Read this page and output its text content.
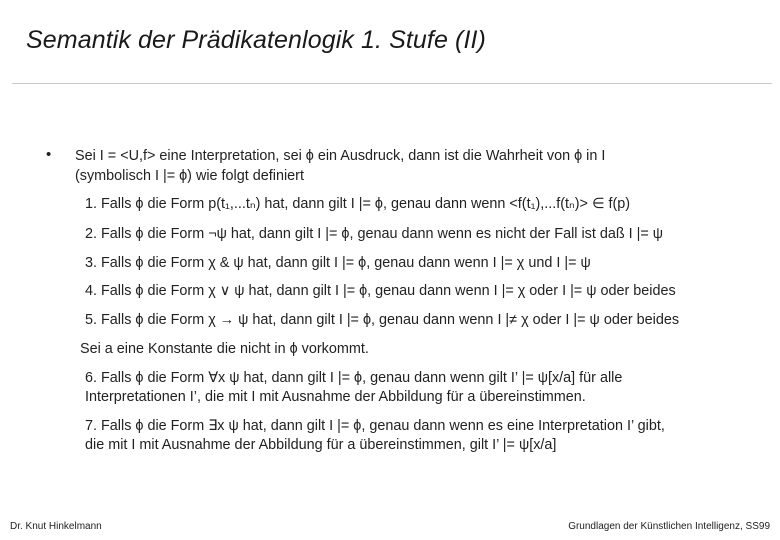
Semantik der Prädikatenlogik 1. Stufe (II)
• Sei I = <U,f> eine Interpretation, sei ϕ ein Ausdruck, dann ist die Wahrheit von ϕ in I
(symbolisch I |= ϕ) wie folgt definiert
1. Falls ϕ die Form p(t₁,...tₙ) hat, dann gilt I |= ϕ, genau dann wenn <f(t₁),...f(tₙ)> ∈ f(p)
2. Falls ϕ die Form ¬ψ hat, dann gilt I |= ϕ, genau dann wenn es nicht der Fall ist daß I |= ψ
3. Falls ϕ die Form χ & ψ hat, dann gilt I |= ϕ, genau dann wenn I |= χ und I |= ψ
4. Falls ϕ die Form χ ∨ ψ hat, dann gilt I |= ϕ, genau dann wenn I |= χ oder I |= ψ oder beides
5. Falls ϕ die Form χ → ψ hat, dann gilt I |= ϕ, genau dann wenn I |≠ χ oder I |= ψ oder beides
Sei a eine Konstante die nicht in ϕ vorkommt.
6. Falls ϕ die Form ∀x ψ hat, dann gilt I |= ϕ, genau dann wenn gilt I’ |= ψ[x/a] für alle
Interpretationen I’, die mit I mit Ausnahme der Abbildung für a übereinstimmen.
7. Falls ϕ die Form ∃x ψ hat, dann gilt I |= ϕ, genau dann wenn es eine Interpretation I’ gibt,
die mit I mit Ausnahme der Abbildung für a übereinstimmen, gilt I’ |= ψ[x/a]
Dr. Knut Hinkelmann	Grundlagen der Künstlichen Intelligenz, SS99
